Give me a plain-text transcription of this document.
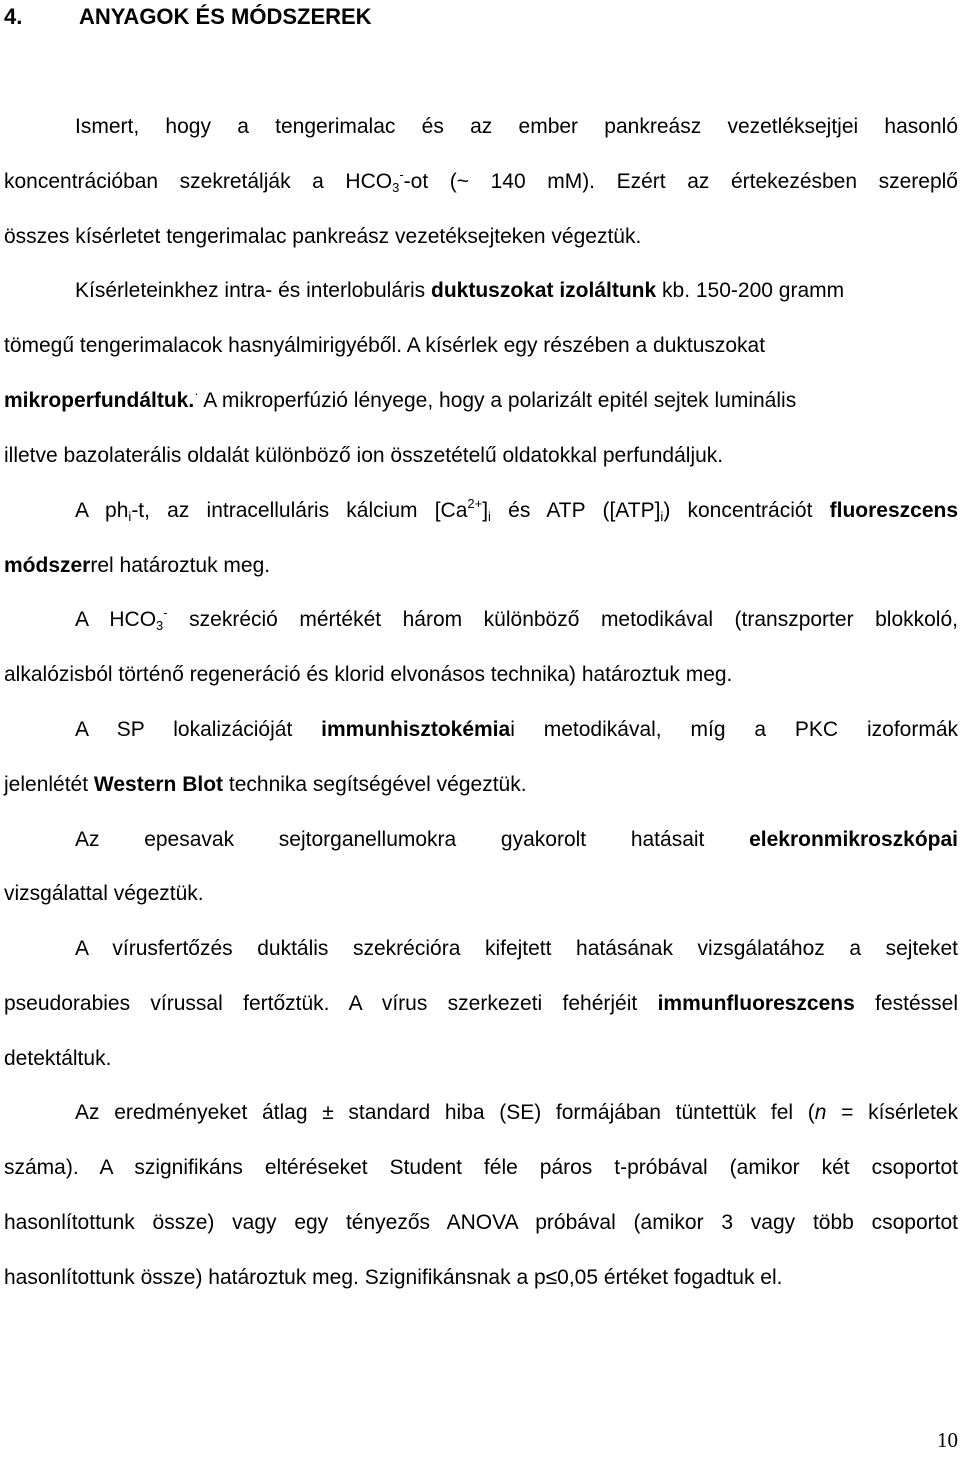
4.	ANYAGOK ÉS MÓDSZEREK
Ismert, hogy a tengerimalac és az ember pankreász vezetléksejtjei hasonló
koncentrációban szekretálják a $HCO_3^--ot$ (~ 140 mM). Ezért az értekezésben szereplő
összes kísérletet tengerimalac pankreász vezetéksejteken végeztük.
Kísérleteinkhez intra- és interlobuláris duktuszokat izoláltunk kb. 150-200 gramm
tömegű tengerimalacok hasnyálmirigyéből. A kísérlek egy részében a duktuszokat
mikroperfundáltuk.· A mikroperfúzió lényege, hogy a polarizált epitél sejtek luminális
illetve bazolaterális oldalát különböző ion összetételű oldatokkal perfundáljuk.
A $ph_i-t$, az intracelluláris kálcium $[Ca^{2+}]_i$ és ATP $([ATP]_i)$ koncentrációt fluoreszcens
módszerrel határoztuk meg.
A $HCO_3^-$ szekréció mértékét három különböző metodikával (transzporter blokkoló,
alkalózisból történő regeneráció és klorid elvonásos technika) határoztuk meg.
A SP lokalizációját immunhisztokémiai metodikával, míg a PKC izoformák
jelenlétét Western Blot technika segítségével végeztük.
Az epesavak sejtorganellumokra gyakorolt hatásait elekronmikroszkópai
vizsgálattal végeztük.
A vírusfertőzés duktális szekrécióra kifejtett hatásának vizsgálatához a sejteket
pseudorabies vírussal fertőztük. A vírus szerkezeti fehérjéit immunfluoreszcens festéssel
detektáltuk.
Az eredményeket átlag ± standard hiba (SE) formájában tüntettük fel (n = kísérletek
száma). A szignifikáns eltéréseket Student féle páros t-próbával (amikor két csoportot
hasonlítottunk össze) vagy egy tényezős ANOVA próbával (amikor 3 vagy több csoportot
hasonlítottunk össze) határoztuk meg. Szignifikánsnak a p≤0,05 értéket fogadtuk el.
10
